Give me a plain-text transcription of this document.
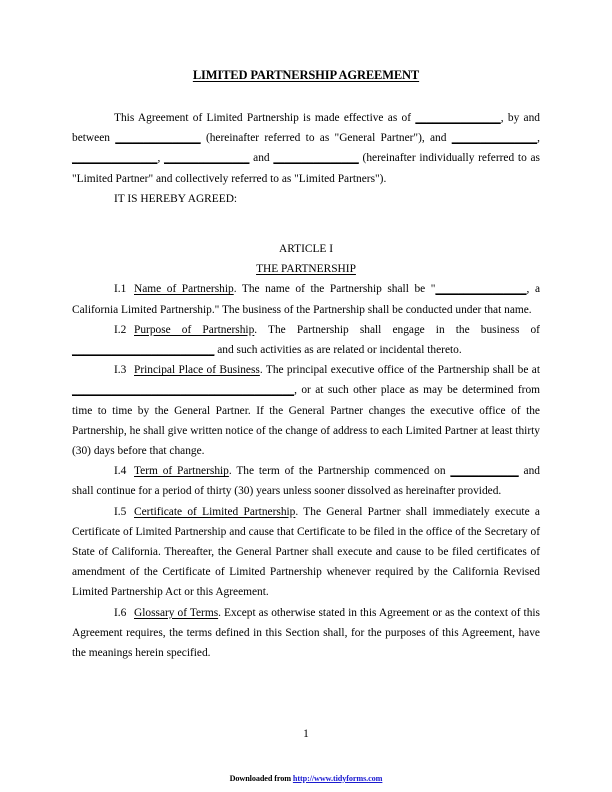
LIMITED PARTNERSHIP AGREEMENT

This Agreement of Limited Partnership is made effective as of _______________, by and between _______________ (hereinafter referred to as "General Partner"), and _______________, _______________, _______________ and _______________ (hereinafter individually referred to as "Limited Partner" and collectively referred to as "Limited Partners").

IT IS HEREBY AGREED:

ARTICLE I

THE PARTNERSHIP

I.1 Name of Partnership. The name of the Partnership shall be "________________, a California Limited Partnership." The business of the Partnership shall be conducted under that name.

I.2 Purpose of Partnership. The Partnership shall engage in the business of _________________________ and such activities as are related or incidental thereto.

I.3 Principal Place of Business. The principal executive office of the Partnership shall be at _______________________________________, or at such other place as may be determined from time to time by the General Partner. If the General Partner changes the executive office of the Partnership, he shall give written notice of the change of address to each Limited Partner at least thirty (30) days before that change.

I.4 Term of Partnership. The term of the Partnership commenced on ____________ and shall continue for a period of thirty (30) years unless sooner dissolved as hereinafter provided.

I.5 Certificate of Limited Partnership. The General Partner shall immediately execute a Certificate of Limited Partnership and cause that Certificate to be filed in the office of the Secretary of State of California. Thereafter, the General Partner shall execute and cause to be filed certificates of amendment of the Certificate of Limited Partnership whenever required by the California Revised Limited Partnership Act or this Agreement.

I.6 Glossary of Terms. Except as otherwise stated in this Agreement or as the context of this Agreement requires, the terms defined in this Section shall, for the purposes of this Agreement, have the meanings herein specified.

1
Downloaded from http://www.tidyforms.com
